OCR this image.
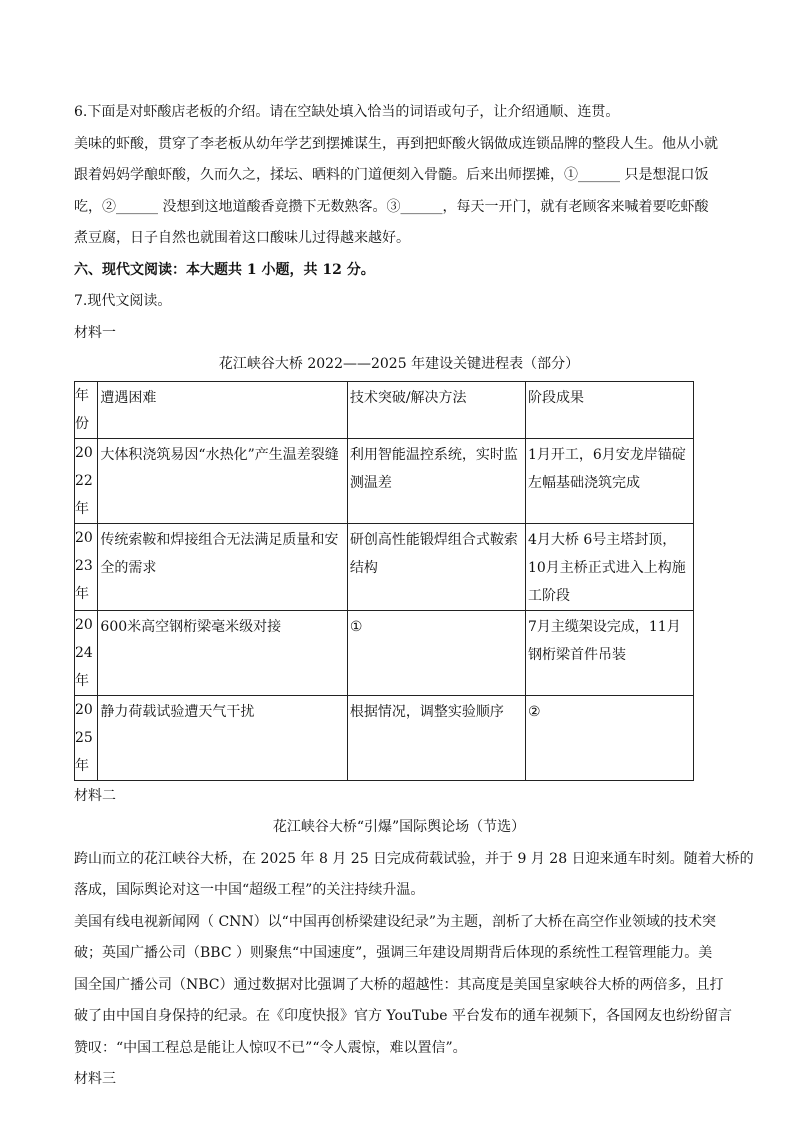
6.下面是对虾酸店老板的介绍。请在空缺处填入恰当的词语或句子，让介绍通顺、连贯。
美味的虾酸，贯穿了李老板从幼年学艺到摆摊谋生，再到把虾酸火锅做成连锁品牌的整段人生。他从小就
跟着妈妈学酿虾酸，久而久之，揉坛、晒料的门道便刻入骨髓。后来出师摆摊，①______ 只是想混口饭
吃，②______ 没想到这地道酸香竟攒下无数熟客。③______，每天一开门，就有老顾客来喊着要吃虾酸
煮豆腐，日子自然也就围着这口酸味儿过得越来越好。
六、现代文阅读：本大题共 1 小题，共 12 分。
7.现代文阅读。
材料一
花江峡谷大桥 2022——2025 年建设关键进程表（部分）
年份	遭遇困难	技术突破/解决方法	阶段成果
2022年	大体积浇筑易因“水热化”产生温差裂缝	利用智能温控系统，实时监测温差	1月开工，6月安龙岸锚碇左幅基础浇筑完成
2023年	传统索鞍和焊接组合无法满足质量和安全的需求	研创高性能锻焊组合式鞍索结构	4月大桥 6号主塔封顶，10月主桥正式进入上构施工阶段
2024年	600米高空钢桁梁毫米级对接	①	7月主缆架设完成，11月钢桁梁首件吊装
2025年	静力荷载试验遭天气干扰	根据情况，调整实验顺序	②
材料二
花江峡谷大桥“引爆”国际舆论场（节选）
跨山而立的花江峡谷大桥，在 2025 年 8 月 25 日完成荷载试验，并于 9 月 28 日迎来通车时刻。随着大桥的
落成，国际舆论对这一中国“超级工程”的关注持续升温。
美国有线电视新闻网（ CNN）以“中国再创桥梁建设纪录”为主题，剖析了大桥在高空作业领域的技术突
破；英国广播公司（BBC ）则聚焦“中国速度”，强调三年建设周期背后体现的系统性工程管理能力。美
国全国广播公司（NBC）通过数据对比强调了大桥的超越性：其高度是美国皇家峡谷大桥的两倍多，且打
破了由中国自身保持的纪录。在《印度快报》官方 YouTube 平台发布的通车视频下，各国网友也纷纷留言
赞叹：“中国工程总是能让人惊叹不已”“令人震惊，难以置信”。
材料三
